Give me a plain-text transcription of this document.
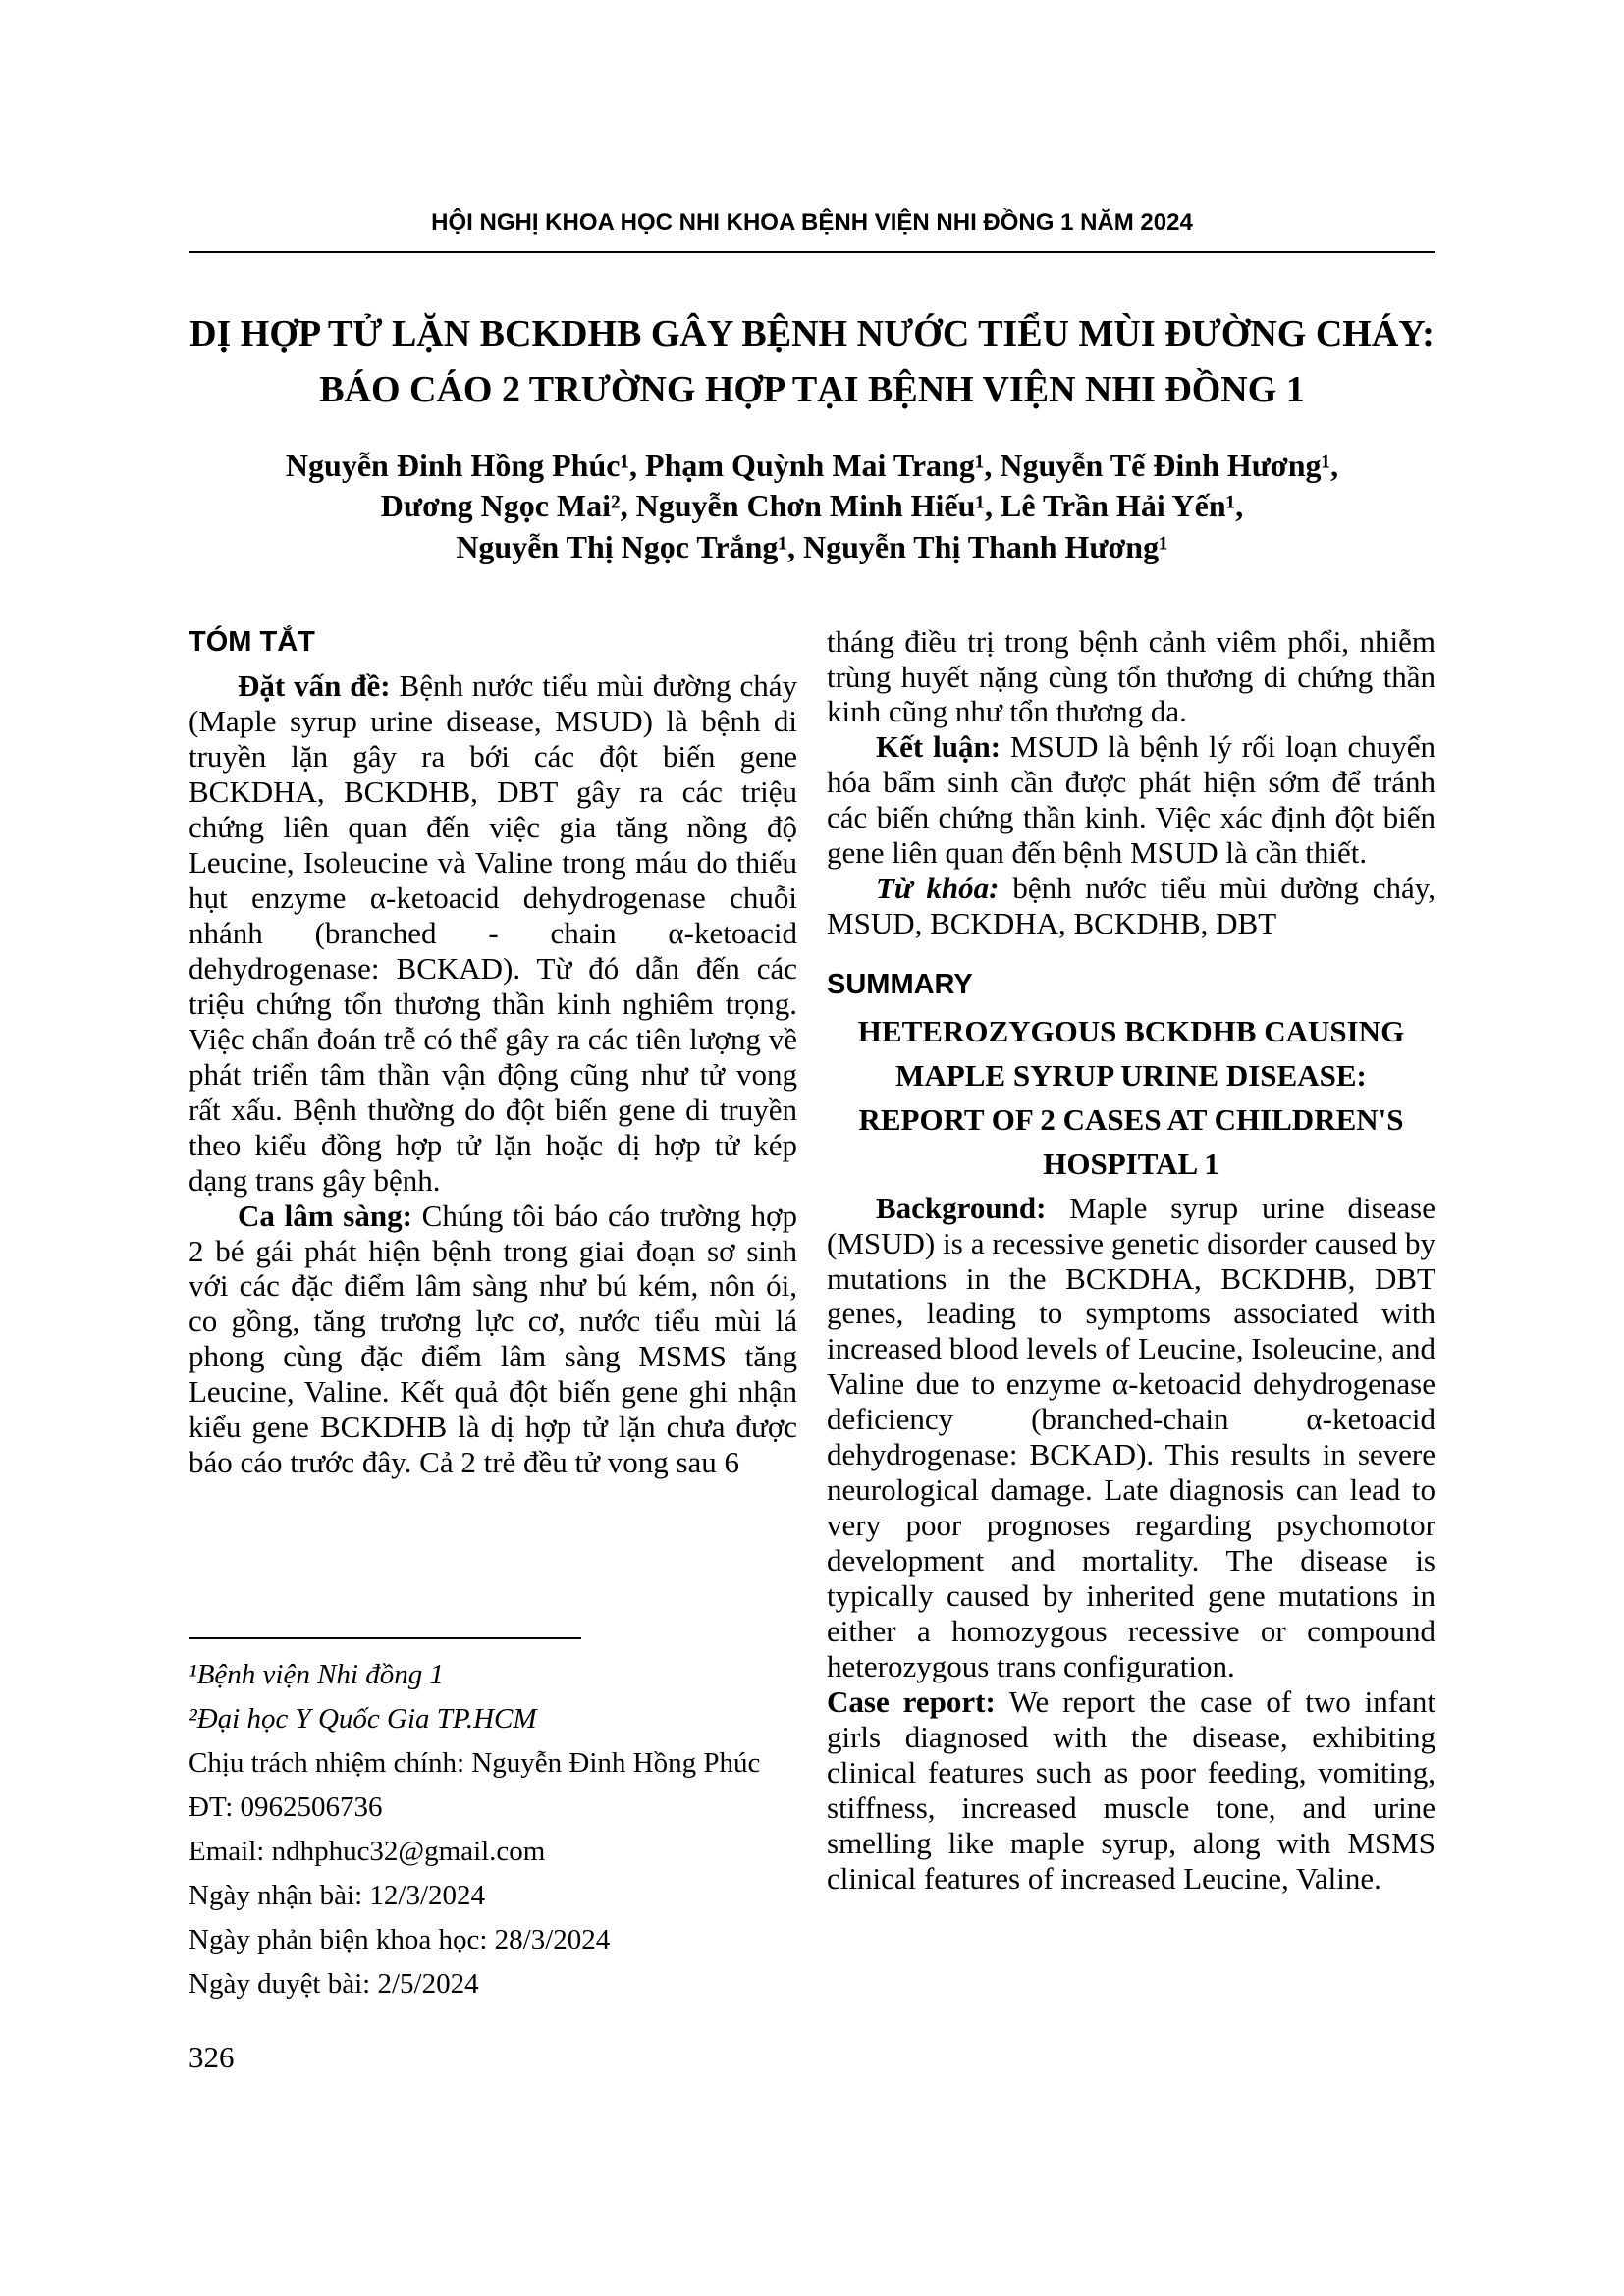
HỘI NGHỊ KHOA HỌC NHI KHOA BỆNH VIỆN NHI ĐỒNG 1 NĂM 2024
DỊ HỢP TỬ LẶN BCKDHB GÂY BỆNH NƯỚC TIỂU MÙI ĐƯỜNG CHÁY:
BÁO CÁO 2 TRƯỜNG HỢP TẠI BỆNH VIỆN NHI ĐỒNG 1
Nguyễn Đinh Hồng Phúc¹, Phạm Quỳnh Mai Trang¹, Nguyễn Tế Đinh Hương¹,
Dương Ngọc Mai², Nguyễn Chơn Minh Hiếu¹, Lê Trần Hải Yến¹,
Nguyễn Thị Ngọc Trắng¹, Nguyễn Thị Thanh Hương¹
TÓM TẮT

Đặt vấn đề: Bệnh nước tiểu mùi đường cháy (Maple syrup urine disease, MSUD) là bệnh di truyền lặn gây ra bới các đột biến gene BCKDHA, BCKDHB, DBT gây ra các triệu chứng liên quan đến việc gia tăng nồng độ Leucine, Isoleucine và Valine trong máu do thiếu hụt enzyme α-ketoacid dehydrogenase chuỗi nhánh (branched - chain α-ketoacid dehydrogenase: BCKAD). Từ đó dẫn đến các triệu chứng tổn thương thần kinh nghiêm trọng. Việc chẩn đoán trễ có thể gây ra các tiên lượng về phát triển tâm thần vận động cũng như tử vong rất xấu. Bệnh thường do đột biến gene di truyền theo kiểu đồng hợp tử lặn hoặc dị hợp tử kép dạng trans gây bệnh.

Ca lâm sàng: Chúng tôi báo cáo trường hợp 2 bé gái phát hiện bệnh trong giai đoạn sơ sinh với các đặc điểm lâm sàng như bú kém, nôn ói, co gồng, tăng trương lực cơ, nước tiểu mùi lá phong cùng đặc điểm lâm sàng MSMS tăng Leucine, Valine. Kết quả đột biến gene ghi nhận kiểu gene BCKDHB là dị hợp tử lặn chưa được báo cáo trước đây. Cả 2 trẻ đều tử vong sau 6

¹Bệnh viện Nhi đồng 1

²Đại học Y Quốc Gia TP.HCM

Chịu trách nhiệm chính: Nguyễn Đinh Hồng Phúc

ĐT: 0962506736

Email: ndhphuc32@gmail.com

Ngày nhận bài: 12/3/2024

Ngày phản biện khoa học: 28/3/2024

Ngày duyệt bài: 2/5/2024

tháng điều trị trong bệnh cảnh viêm phổi, nhiễm trùng huyết nặng cùng tổn thương di chứng thần kinh cũng như tổn thương da.

Kết luận: MSUD là bệnh lý rối loạn chuyển hóa bẩm sinh cần được phát hiện sớm để tránh các biến chứng thần kinh. Việc xác định đột biến gene liên quan đến bệnh MSUD là cần thiết.

Từ khóa: bệnh nước tiểu mùi đường cháy, MSUD, BCKDHA, BCKDHB, DBT

SUMMARY
HETEROZYGOUS BCKDHB CAUSING
MAPLE SYRUP URINE DISEASE:
REPORT OF 2 CASES AT CHILDREN'S
HOSPITAL 1

Background: Maple syrup urine disease (MSUD) is a recessive genetic disorder caused by mutations in the BCKDHA, BCKDHB, DBT genes, leading to symptoms associated with increased blood levels of Leucine, Isoleucine, and Valine due to enzyme α-ketoacid dehydrogenase deficiency (branched-chain α-ketoacid dehydrogenase: BCKAD). This results in severe neurological damage. Late diagnosis can lead to very poor prognoses regarding psychomotor development and mortality. The disease is typically caused by inherited gene mutations in either a homozygous recessive or compound heterozygous trans configuration.

Case report: We report the case of two infant girls diagnosed with the disease, exhibiting clinical features such as poor feeding, vomiting, stiffness, increased muscle tone, and urine smelling like maple syrup, along with MSMS clinical features of increased Leucine, Valine.

326
